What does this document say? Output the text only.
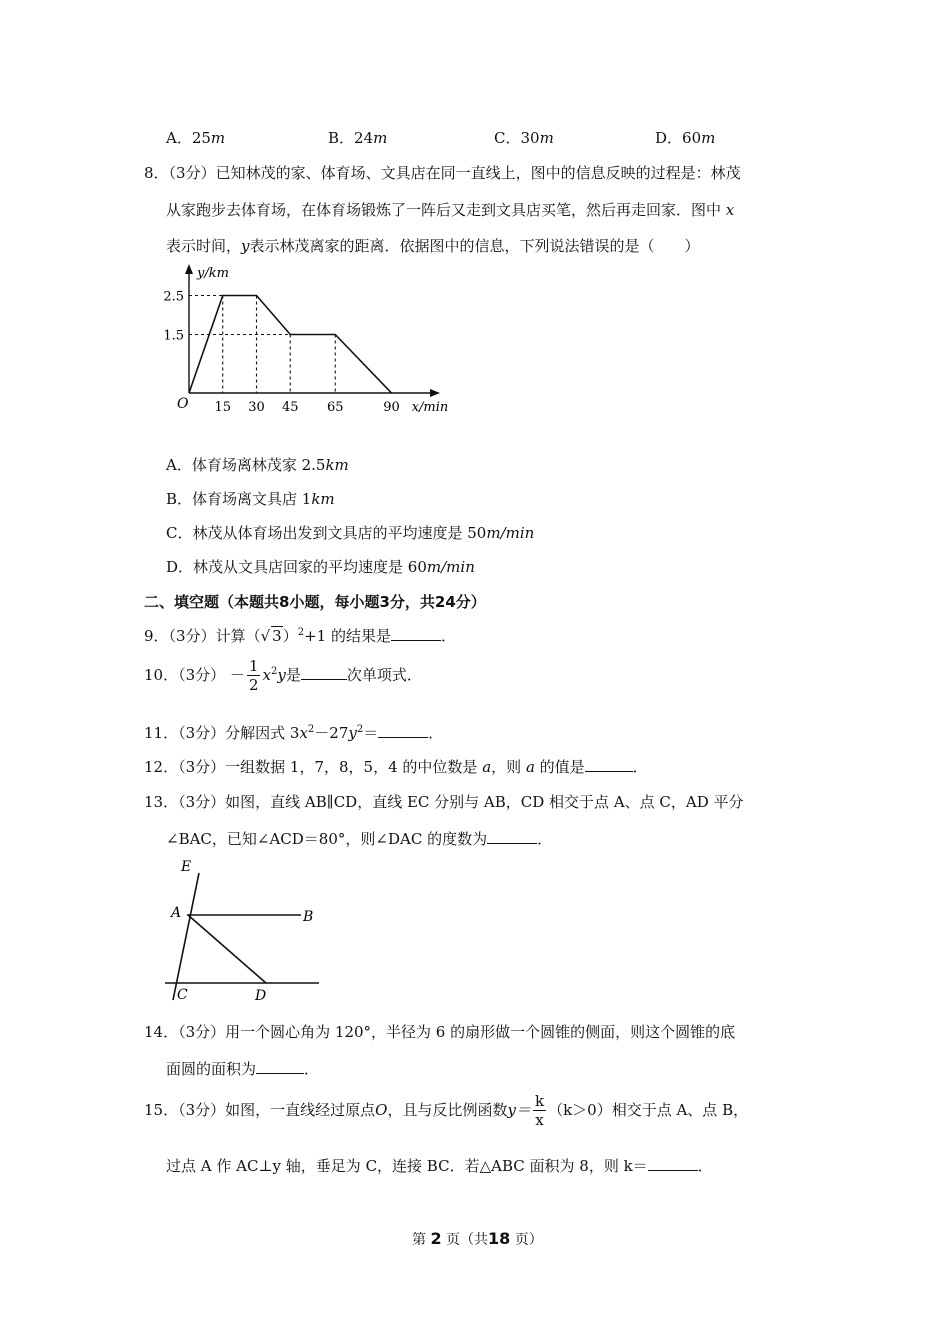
A．25m	B．24m	C．30m	D．60m
8．（3分）已知林茂的家、体育场、文具店在同一直线上，图中的信息反映的过程是：林茂
从家跑步去体育场，在体育场锻炼了一阵后又走到文具店买笔，然后再走回家．图中 x
表示时间，y表示林茂离家的距离．依据图中的信息，下列说法错误的是（　　）
15 30 45 65	90
2.5
1.5
O	x/min
y/km
A．体育场离林茂家 2.5km
B．体育场离文具店 1km
C．林茂从体育场出发到文具店的平均速度是 50m/min
D．林茂从文具店回家的平均速度是 60m/min
二、填空题（本题共8小题，每小题3分，共24分）
9．（3分）计算（√ 3）$^2$+1 的结果是	．
10．（3分） － $\frac{1}{2} x^2y$是	次单项式．
11．（3分）分解因式 $3x^2-27y^2=$	．
12．（3分）一组数据 1，7，8，5，4 的中位数是 a，则 a 的值是	．
13．（3分）如图，直线 AB∥CD，直线 EC 分别与 AB，CD 相交于点 A、点 C，AD 平分
∠BAC，已知∠ACD＝80°，则∠DAC 的度数为	．
E
A	B
C	D
14．（3分）用一个圆心角为 120°，半径为 6 的扇形做一个圆锥的侧面，则这个圆锥的底
面圆的面积为	．
15．（3分）如图，一直线经过原点O，且与反比例函数$y= \frac{k}{x} (k>0)$相交于点 A、点 B，
过点 A 作 AC⊥y 轴，垂足为 C，连接 BC．若△ABC 面积为 8，则 k＝	．
第 2 页（共18 页）
